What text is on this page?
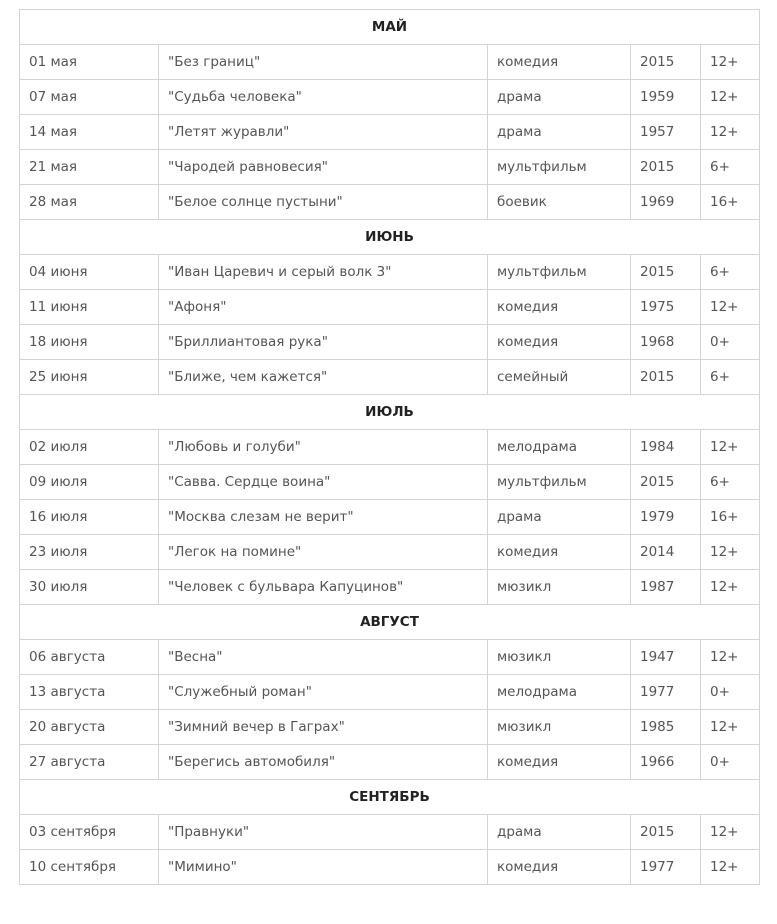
МАЙ				
01 мая	"Без границ"	комедия	2015	12+
07 мая	"Судьба человека"	драма	1959	12+
14 мая	"Летят журавли"	драма	1957	12+
21 мая	"Чародей равновесия"	мультфильм	2015	6+
28 мая	"Белое солнце пустыни"	боевик	1969	16+
ИЮНЬ				
04 июня	"Иван Царевич и серый волк 3"	мультфильм	2015	6+
11 июня	"Афоня"	комедия	1975	12+
18 июня	"Бриллиантовая рука"	комедия	1968	0+
25 июня	"Ближе, чем кажется"	семейный	2015	6+
ИЮЛЬ				
02 июля	"Любовь и голуби"	мелодрама	1984	12+
09 июля	"Савва. Сердце воина"	мультфильм	2015	6+
16 июля	"Москва слезам не верит"	драма	1979	16+
23 июля	"Легок на помине"	комедия	2014	12+
30 июля	"Человек с бульвара Капуцинов"	мюзикл	1987	12+
АВГУСТ				
06 августа	"Весна"	мюзикл	1947	12+
13 августа	"Служебный роман"	мелодрама	1977	0+
20 августа	"Зимний вечер в Гаграх"	мюзикл	1985	12+
27 августа	"Берегись автомобиля"	комедия	1966	0+
СЕНТЯБРЬ				
03 сентября	"Правнуки"	драма	2015	12+
10 сентября	"Мимино"	комедия	1977	12+
